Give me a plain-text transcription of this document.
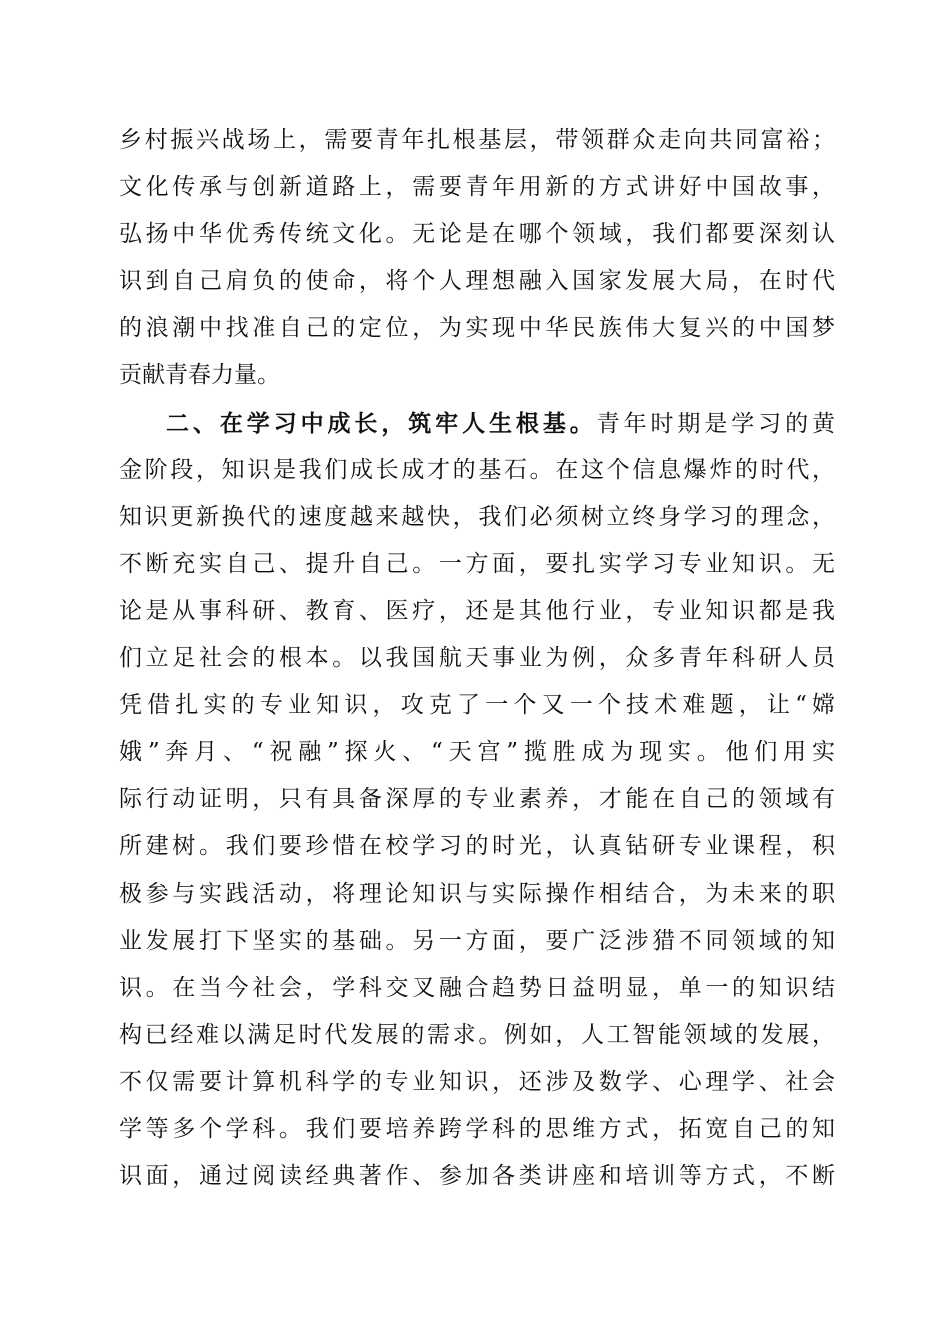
乡村振兴战场上，需要青年扎根基层，带领群众走向共同富裕；
文化传承与创新道路上，需要青年用新的方式讲好中国故事，
弘扬中华优秀传统文化。无论是在哪个领域，我们都要深刻认
识到自己肩负的使命，将个人理想融入国家发展大局，在时代
的浪潮中找准自己的定位，为实现中华民族伟大复兴的中国梦
贡献青春力量。
二、在学习中成长，筑牢人生根基。青年时期是学习的黄
金阶段，知识是我们成长成才的基石。在这个信息爆炸的时代，
知识更新换代的速度越来越快，我们必须树立终身学习的理念，
不断充实自己、提升自己。一方面，要扎实学习专业知识。无
论是从事科研、教育、医疗，还是其他行业，专业知识都是我
们立足社会的根本。以我国航天事业为例，众多青年科研人员
凭借扎实的专业知识，攻克了一个又一个技术难题，让“嫦
娥”奔月、“祝融”探火、“天宫”揽胜成为现实。他们用实
际行动证明，只有具备深厚的专业素养，才能在自己的领域有
所建树。我们要珍惜在校学习的时光，认真钻研专业课程，积
极参与实践活动，将理论知识与实际操作相结合，为未来的职
业发展打下坚实的基础。另一方面，要广泛涉猎不同领域的知
识。在当今社会，学科交叉融合趋势日益明显，单一的知识结
构已经难以满足时代发展的需求。例如，人工智能领域的发展，
不仅需要计算机科学的专业知识，还涉及数学、心理学、社会
学等多个学科。我们要培养跨学科的思维方式，拓宽自己的知
识面，通过阅读经典著作、参加各类讲座和培训等方式，不断
